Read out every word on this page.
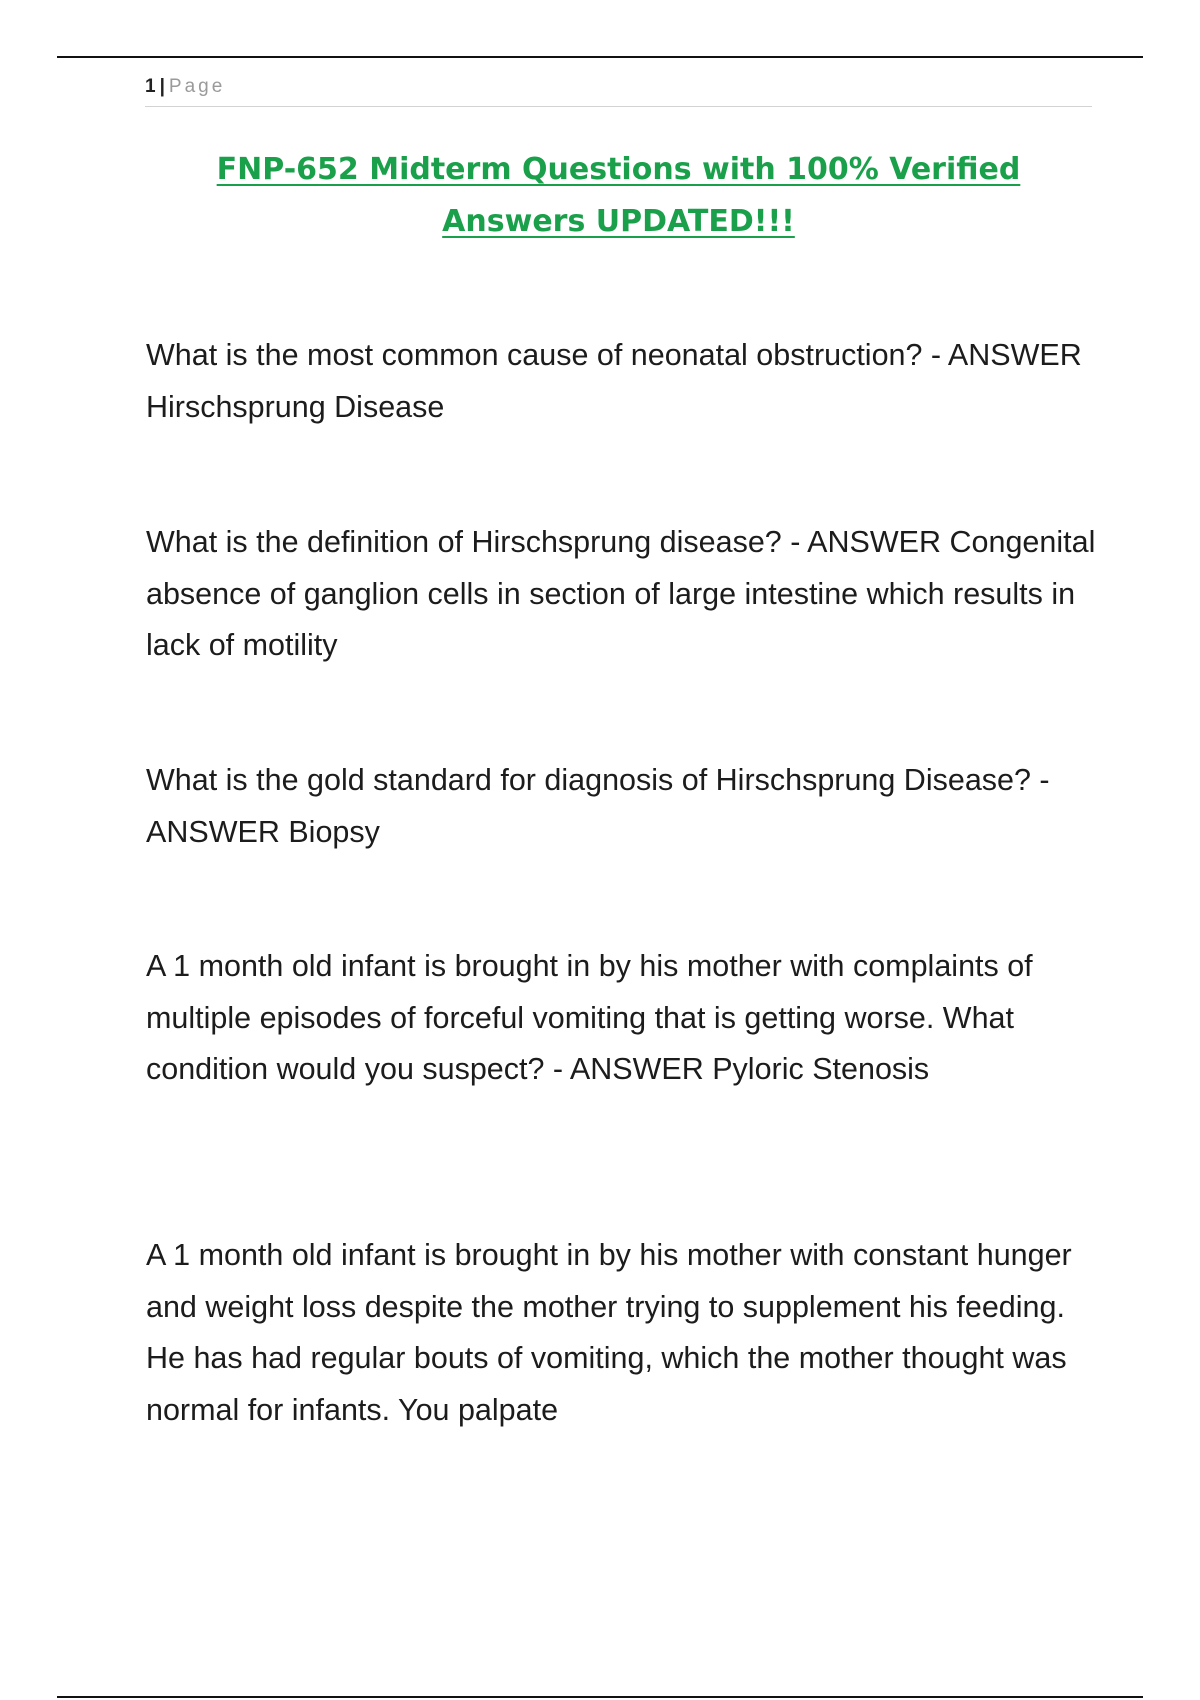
1 | Page
FNP-652 Midterm Questions with 100% Verified
Answers UPDATED!!!

What is the most common cause of neonatal obstruction? - ANSWER Hirschsprung Disease

What is the definition of Hirschsprung disease? - ANSWER Congenital absence of ganglion cells in section of large intestine which results in lack of motility

What is the gold standard for diagnosis of Hirschsprung Disease? - ANSWER Biopsy

A 1 month old infant is brought in by his mother with complaints of multiple episodes of forceful vomiting that is getting worse. What condition would you suspect? - ANSWER Pyloric Stenosis

A 1 month old infant is brought in by his mother with constant hunger and weight loss despite the mother trying to supplement his feeding. He has had regular bouts of vomiting, which the mother thought was normal for infants. You palpate
